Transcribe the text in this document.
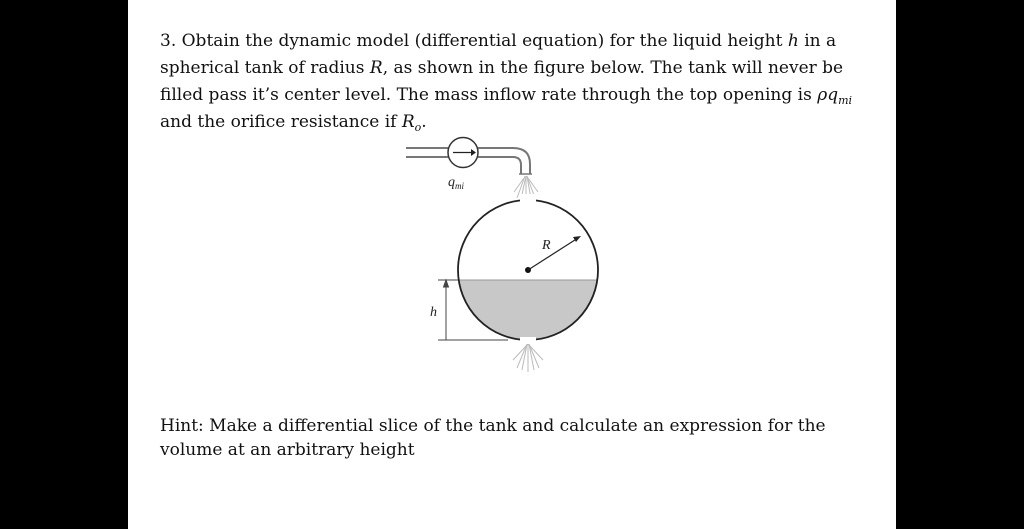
3. Obtain the dynamic model (differential equation) for the liquid height h in a

spherical tank of radius R, as shown in the figure below. The tank will never be

filled pass it’s center level. The mass inflow rate through the top opening is $\rho q_{mi}$

and the orifice resistance if $R_o$.

$q_{mi}$
R
h
Hint: Make a differential slice of the tank and calculate an expression for the
volume at an arbitrary height
